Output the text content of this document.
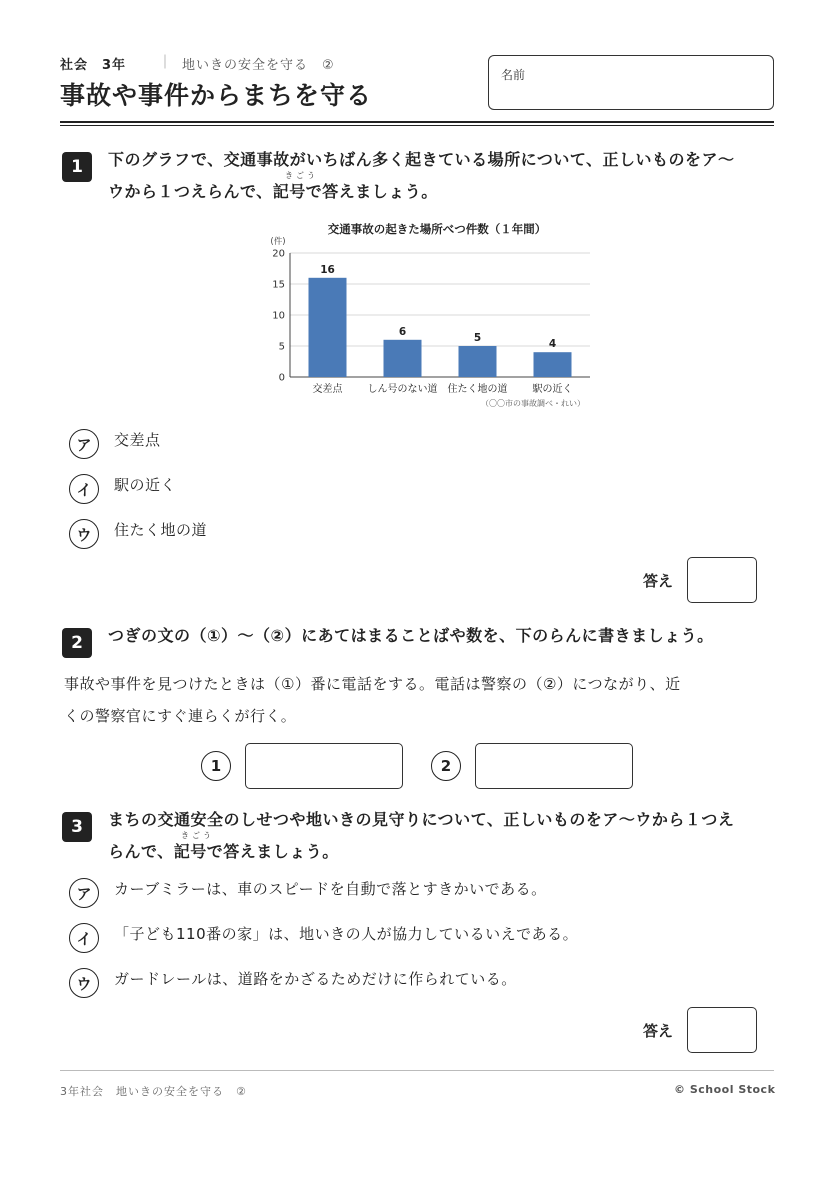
社会　3年 ｜ 地いきの安全を守る　②
事故や事件からまちを守る
名前
1	下のグラフで、交通事故がいちばん多く起きている場所について、正しいものをア〜
きごう
ウから１つえらんで、記号で答えましょう。
交通事故の起きた場所べつ件数（１年間）
(件)
0
5
10
15
20
16
交差点
6
しん号のない道
5
住たく地の道
4
駅の近く
（〇〇市の事故調べ・れい）
ア	交差点
イ	駅の近く
ウ	住たく地の道
答え
2	つぎの文の（①）〜（②）にあてはまることばや数を、下のらんに書きましょう。
事故や事件を見つけたときは（①）番に電話をする。電話は警察の（②）につながり、近
くの警察官にすぐ連らくが行く。
1	2
3	まちの交通安全のしせつや地いきの見守りについて、正しいものをア〜ウから１つえ
きごう
らんで、記号で答えましょう。
ア	カーブミラーは、車のスピードを自動で落とすきかいである。
イ	「子ども110番の家」は、地いきの人が協力しているいえである。
ウ	ガードレールは、道路をかざるためだけに作られている。
答え
3年社会　地いきの安全を守る　②	© School Stock
